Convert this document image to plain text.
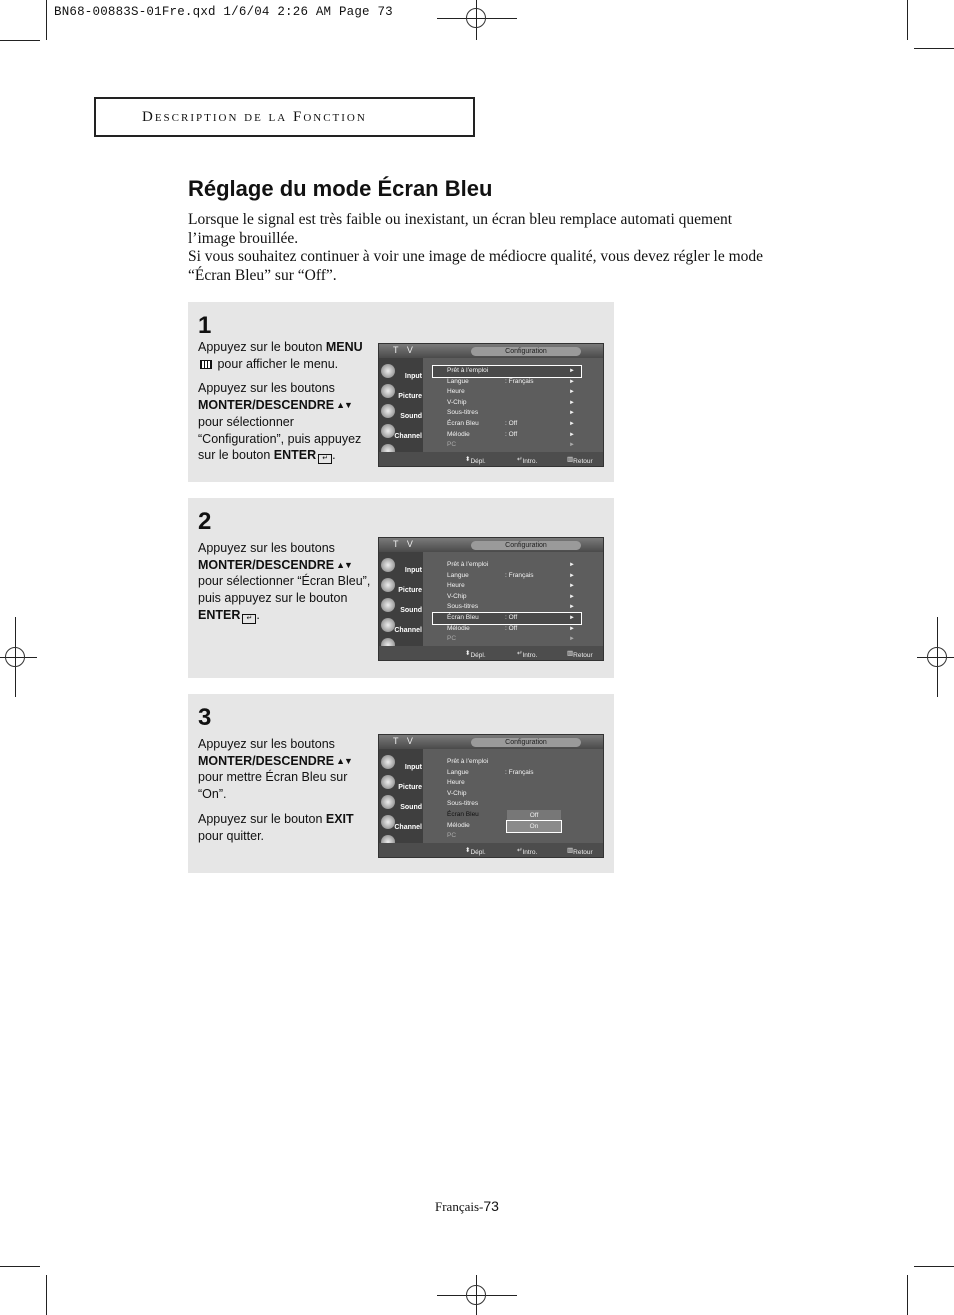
BN68-00883S-01Fre.qxd 1/6/04 2:26 AM Page 73
Description de la Fonction
Réglage du mode Écran Bleu

Lorsque le signal est très faible ou inexistant, un écran bleu remplace automati quement l’image brouillée.

Si vous souhaitez continuer à voir une image de médiocre qualité, vous devez régler le mode “Écran Bleu” sur “Off”.

1

Appuyez sur le bouton MENU pour afficher le menu.

Appuyez sur les boutons MONTER/DESCENDRE ▲▼ pour sélectionner “Configuration”, puis appuyez sur le bouton ENTER ↵ .

T V	Configuration
Input
Picture
Sound
Channel
Prêt à l’emploi	►
Langue	: Français	►
Heure	►
V-Chip	►
Sous-titres	►
Écran Bleu	: Off	►
Mélodie	: Off	►
PC	►
⬍ Dépl.	↵ Intro.	▥ Retour
2

Appuyez sur les boutons MONTER/DESCENDRE ▲▼ pour sélectionner “Écran Bleu”, puis appuyez sur le bouton ENTER ↵ .

T V	Configuration
Input
Picture
Sound
Channel
Prêt à l’emploi	►
Langue	: Français	►
Heure	►
V-Chip	►
Sous-titres	►
Écran Bleu	: Off	►
Mélodie	: Off	►
PC	►
⬍ Dépl.	↵ Intro.	▥ Retour
3

Appuyez sur les boutons MONTER/DESCENDRE ▲▼ pour mettre Écran Bleu sur “On”.

Appuyez sur le bouton EXIT pour quitter.

T V	Configuration
Input
Picture
Sound
Channel
Prêt à l’emploi
Langue	: Français
Heure
V-Chip
Sous-titres
Écran Bleu
Mélodie
PC
Off
On
⬍ Dépl.	↵ Intro.	▥ Retour
Français-73
